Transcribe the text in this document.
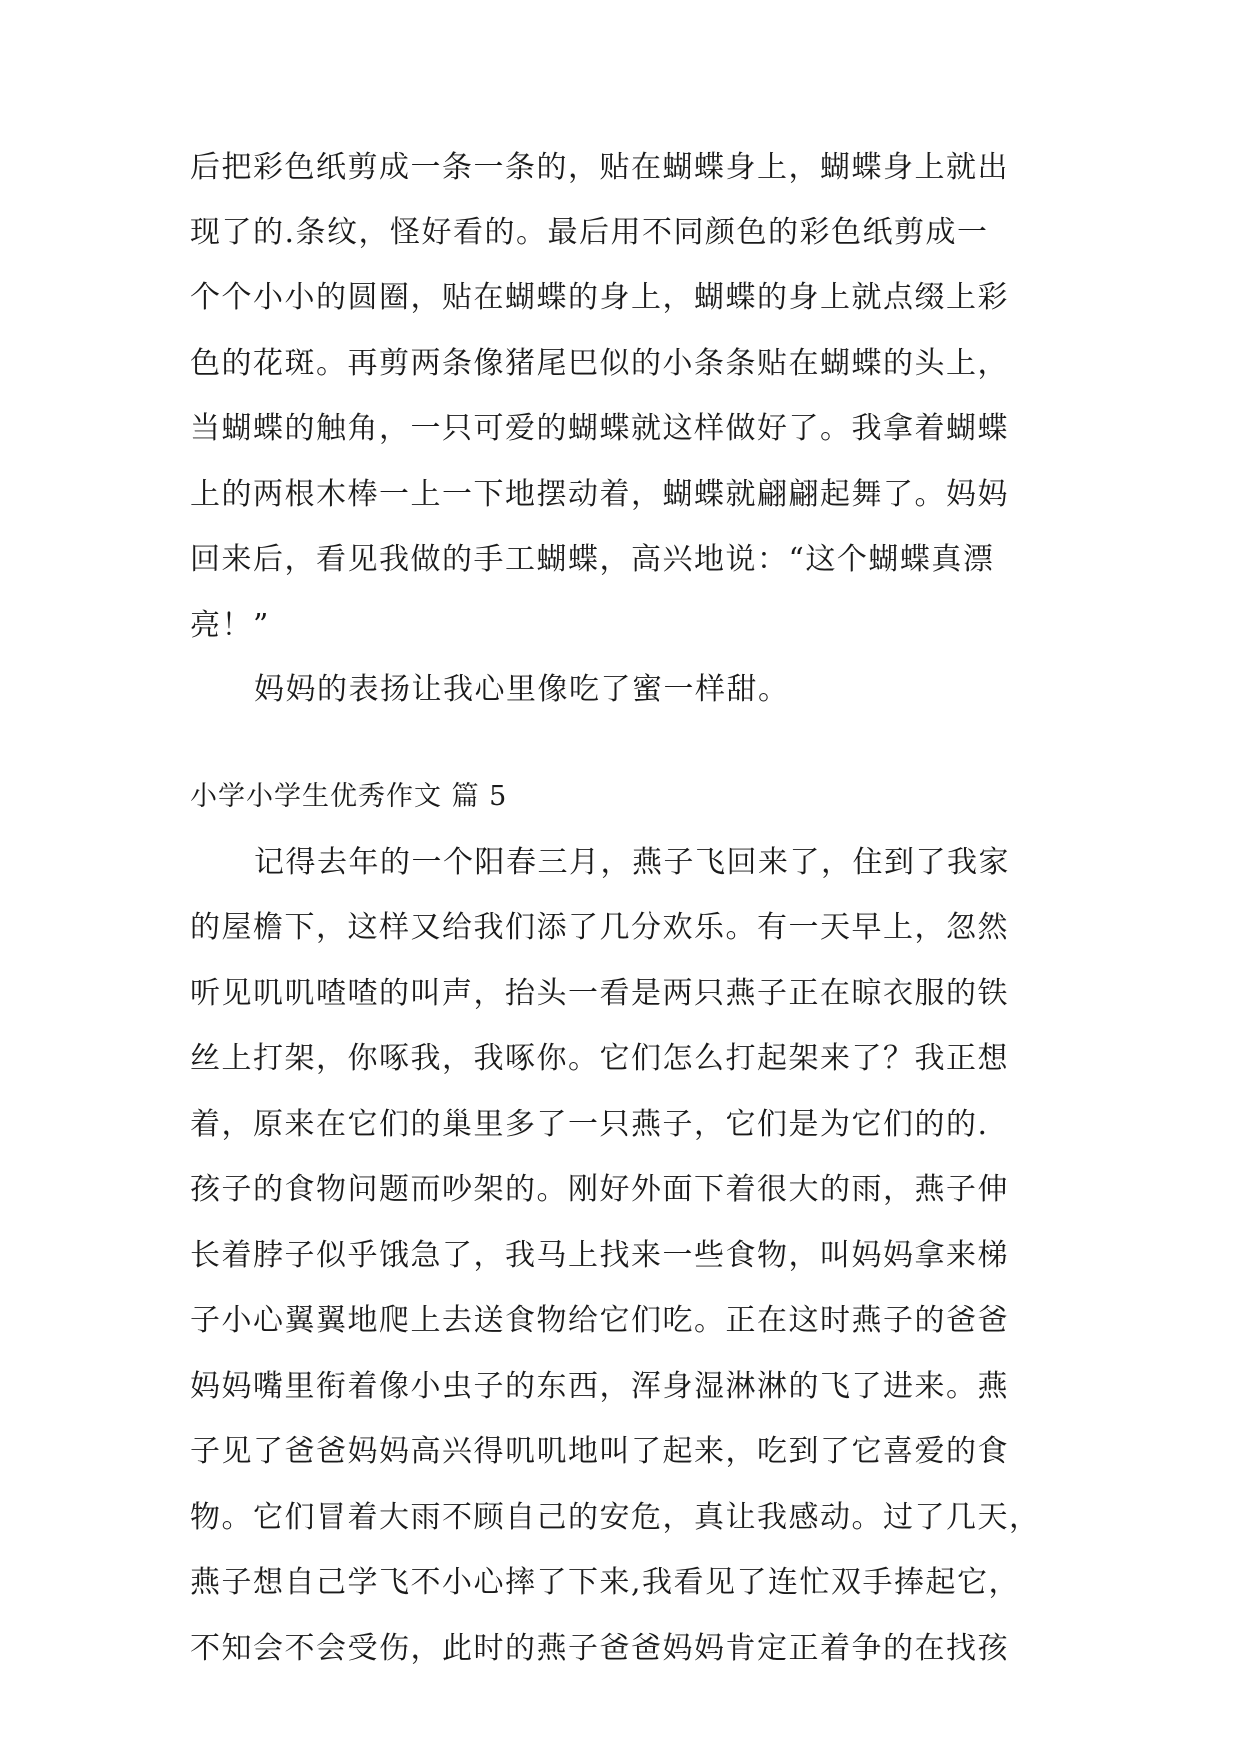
后把彩色纸剪成一条一条的，贴在蝴蝶身上，蝴蝶身上就出
现了的.条纹，怪好看的。最后用不同颜色的彩色纸剪成一
个个小小的圆圈，贴在蝴蝶的身上，蝴蝶的身上就点缀上彩
色的花斑。再剪两条像猪尾巴似的小条条贴在蝴蝶的头上，
当蝴蝶的触角，一只可爱的蝴蝶就这样做好了。我拿着蝴蝶
上的两根木棒一上一下地摆动着，蝴蝶就翩翩起舞了。妈妈
回来后，看见我做的手工蝴蝶，高兴地说：“这个蝴蝶真漂
亮！”
妈妈的表扬让我心里像吃了蜜一样甜。
小学小学生优秀作文 篇 5
记得去年的一个阳春三月，燕子飞回来了，住到了我家
的屋檐下，这样又给我们添了几分欢乐。有一天早上，忽然
听见叽叽喳喳的叫声，抬头一看是两只燕子正在晾衣服的铁
丝上打架，你啄我，我啄你。它们怎么打起架来了？我正想
着，原来在它们的巢里多了一只燕子，它们是为它们的的.
孩子的食物问题而吵架的。刚好外面下着很大的雨，燕子伸
长着脖子似乎饿急了，我马上找来一些食物，叫妈妈拿来梯
子小心翼翼地爬上去送食物给它们吃。正在这时燕子的爸爸
妈妈嘴里衔着像小虫子的东西，浑身湿淋淋的飞了进来。燕
子见了爸爸妈妈高兴得叽叽地叫了起来，吃到了它喜爱的食
物。它们冒着大雨不顾自己的安危，真让我感动。过了几天，
燕子想自己学飞不小心摔了下来,我看见了连忙双手捧起它，
不知会不会受伤，此时的燕子爸爸妈妈肯定正着争的在找孩
